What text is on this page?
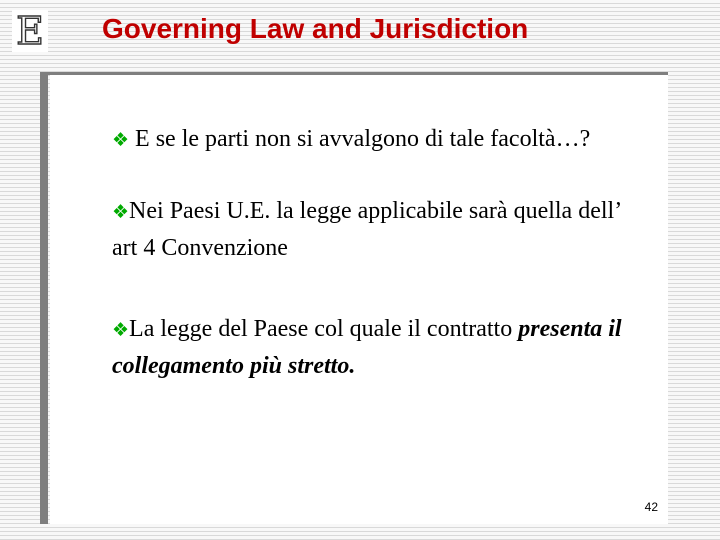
E Governing Law and Jurisdiction

❖ E se le parti non si avvalgono di tale facoltà…?

❖Nei Paesi U.E. la legge applicabile sarà quella dell’ art 4 Convenzione

❖La legge del Paese col quale il contratto presenta il collegamento più stretto.

42
